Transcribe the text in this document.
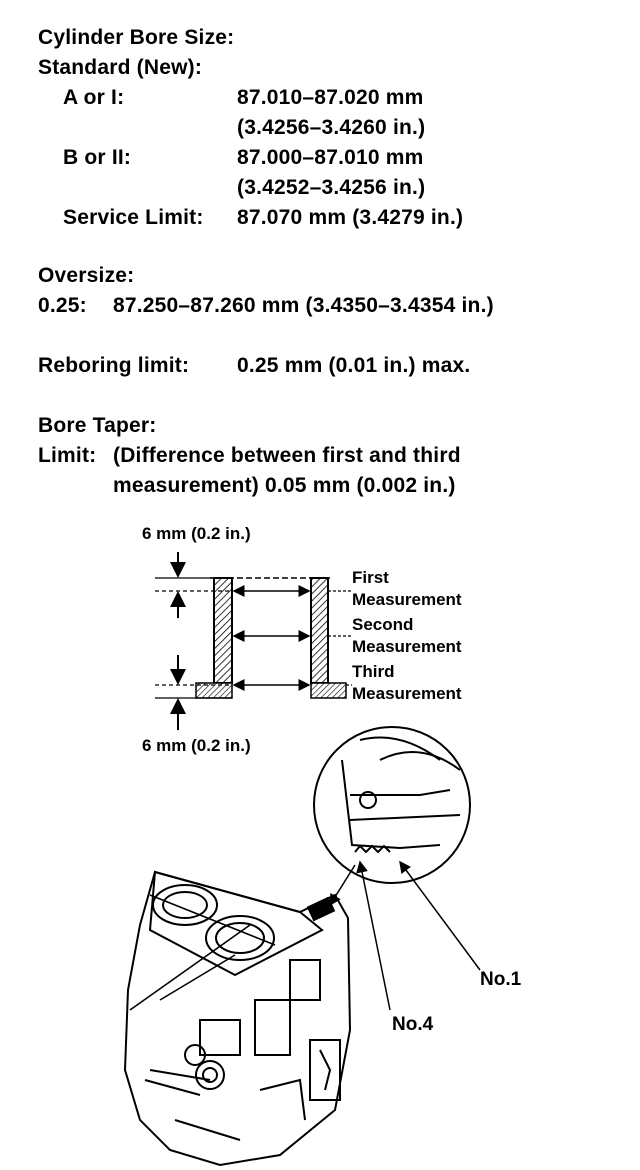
Cylinder Bore Size:
Standard (New):
A or I:	87.010–87.020 mm
(3.4256–3.4260 in.)
B or II:	87.000–87.010 mm
(3.4252–3.4256 in.)
Service Limit: 87.070 mm (3.4279 in.)
Oversize:
0.25: 87.250–87.260 mm (3.4350–3.4354 in.)
Reboring limit: 0.25 mm (0.01 in.) max.
Bore Taper:
Limit: (Difference between first and third
measurement) 0.05 mm (0.002 in.)
6 mm (0.2 in.)
6 mm (0.2 in.)
First
Measurement
Second
Measurement
Third
Measurement
No.1
No.4
